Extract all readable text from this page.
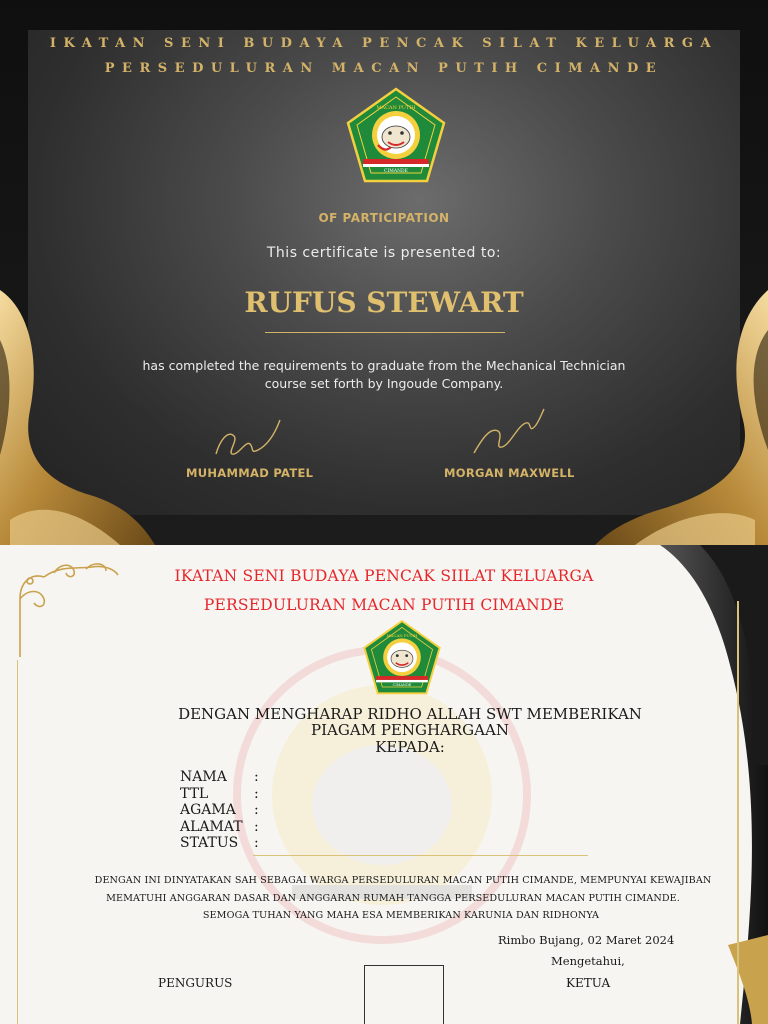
IKATAN SENI BUDAYA PENCAK SILAT KELUARGA
PERSEDULURAN MACAN PUTIH CIMANDE
MACAN PUTIH
CIMANDE
OF PARTICIPATION
This certificate is presented to:
RUFUS STEWART
has completed the requirements to graduate from the Mechanical Technician course set forth by Ingoude Company.
MUHAMMAD PATEL	MORGAN MAXWELL
IKATAN SENI BUDAYA PENCAK SIILAT KELUARGA
PERSEDULURAN MACAN PUTIH CIMANDE
MACAN PUTIH
CIMANDE
DENGAN MENGHARAP RIDHO ALLAH SWT MEMBERIKAN
PIAGAM PENGHARGAAN
KEPADA:
NAMA :
TTL	:
AGAMA :
ALAMAT :
STATUS :
DENGAN INI DINYATAKAN SAH SEBAGAI WARGA PERSEDULURAN MACAN PUTIH CIMANDE, MEMPUNYAI KEWAJIBAN
MEMATUHI ANGGARAN DASAR DAN ANGGARAN RUMAH TANGGA PERSEDULURAN MACAN PUTIH CIMANDE.
SEMOGA TUHAN YANG MAHA ESA MEMBERIKAN KARUNIA DAN RIDHONYA
Rimbo Bujang, 02 Maret 2024
Mengetahui,
PENGURUS	KETUA
